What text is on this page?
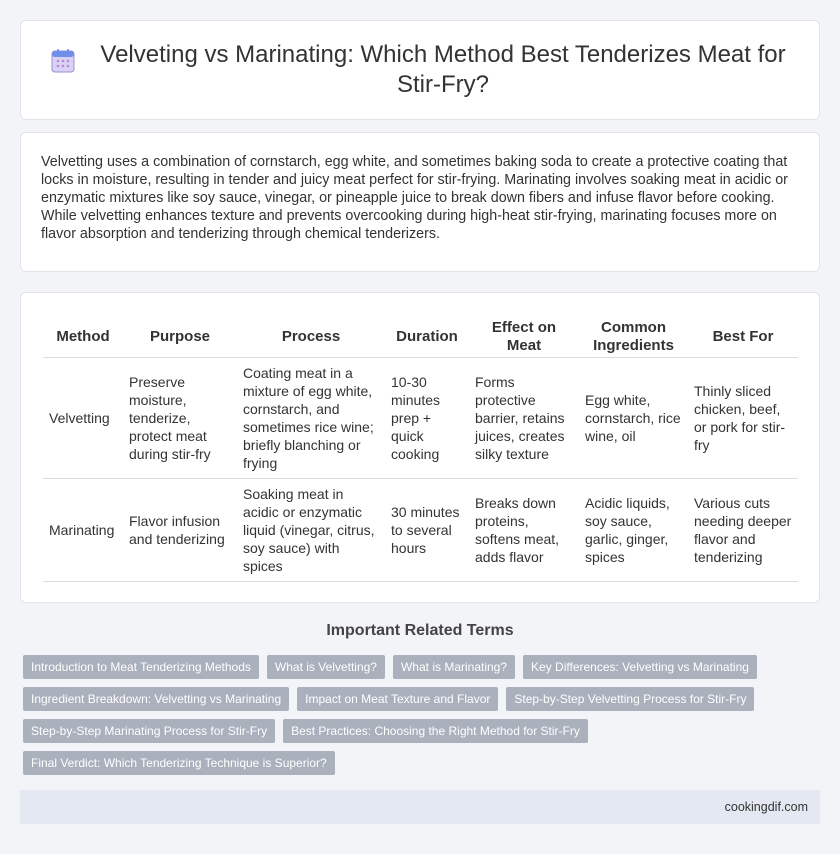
Velveting vs Marinating: Which Method Best Tenderizes Meat for Stir-Fry?

Velvetting uses a combination of cornstarch, egg white, and sometimes baking soda to create a protective coating that locks in moisture, resulting in tender and juicy meat perfect for stir-frying. Marinating involves soaking meat in acidic or enzymatic mixtures like soy sauce, vinegar, or pineapple juice to break down fibers and infuse flavor before cooking. While velvetting enhances texture and prevents overcooking during high-heat stir-frying, marinating focuses more on flavor absorption and tenderizing through chemical tenderizers.

Method	Purpose	Process	Duration	Effect on Meat	Common Ingredients	Best For
Velvetting	Preserve moisture, tenderize, protect meat during stir-fry	Coating meat in a mixture of egg white, cornstarch, and sometimes rice wine; briefly blanching or frying	10-30 minutes prep + quick cooking	Forms protective barrier, retains juices, creates silky texture	Egg white, cornstarch, rice wine, oil	Thinly sliced chicken, beef, or pork for stir-fry
Marinating	Flavor infusion and tenderizing	Soaking meat in acidic or enzymatic liquid (vinegar, citrus, soy sauce) with spices	30 minutes to several hours	Breaks down proteins, softens meat, adds flavor	Acidic liquids, soy sauce, garlic, ginger, spices	Various cuts needing deeper flavor and tenderizing
Important Related Terms
Introduction to Meat Tenderizing Methods	What is Velvetting?	What is Marinating?	Key Differences: Velvetting vs Marinating
Ingredient Breakdown: Velvetting vs Marinating	Impact on Meat Texture and Flavor	Step-by-Step Velvetting Process for Stir-Fry
Step-by-Step Marinating Process for Stir-Fry	Best Practices: Choosing the Right Method for Stir-Fry
Final Verdict: Which Tenderizing Technique is Superior?
cookingdif.com
